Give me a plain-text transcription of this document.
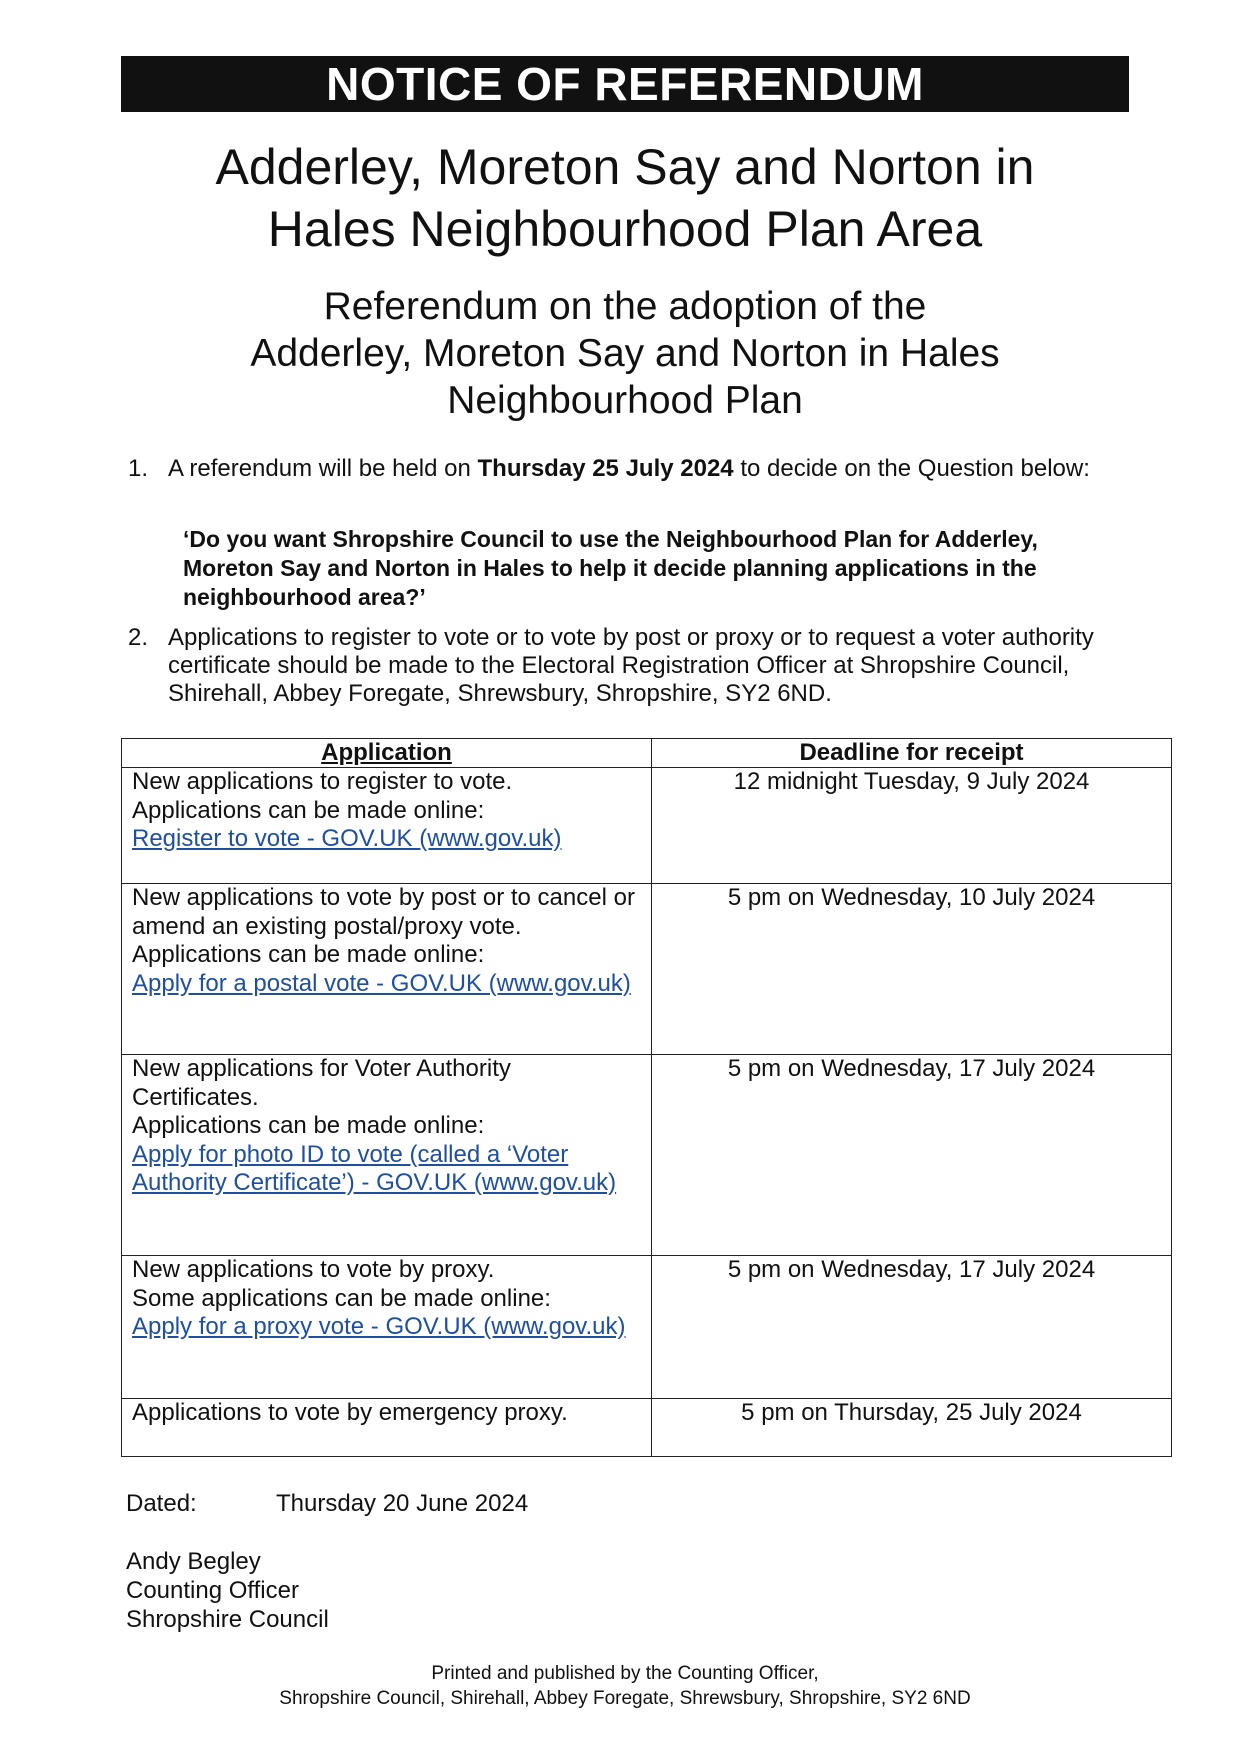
NOTICE OF REFERENDUM
Adderley, Moreton Say and Norton in
Hales Neighbourhood Plan Area
Referendum on the adoption of the
Adderley, Moreton Say and Norton in Hales
Neighbourhood Plan
1. A referendum will be held on Thursday 25 July 2024 to decide on the Question below:
‘Do you want Shropshire Council to use the Neighbourhood Plan for Adderley, Moreton Say and Norton in Hales to help it decide planning applications in the neighbourhood area?’
2. Applications to register to vote or to vote by post or proxy or to request a voter authority certificate should be made to the Electoral Registration Officer at Shropshire Council, Shirehall, Abbey Foregate, Shrewsbury, Shropshire, SY2 6ND.
Application	Deadline for receipt

New applications to register to vote.
Applications can be made online:
Register to vote - GOV.UK (www.gov.uk)	12 midnight Tuesday, 9 July 2024

New applications to vote by post or to cancel or amend an existing postal/proxy vote.
Applications can be made online:
Apply for a postal vote - GOV.UK (www.gov.uk)	5 pm on Wednesday, 10 July 2024

New applications for Voter Authority Certificates.
Applications can be made online:
Apply for photo ID to vote (called a ‘Voter Authority Certificate’) - GOV.UK (www.gov.uk)	5 pm on Wednesday, 17 July 2024

New applications to vote by proxy.
Some applications can be made online:
Apply for a proxy vote - GOV.UK (www.gov.uk)	5 pm on Wednesday, 17 July 2024

Applications to vote by emergency proxy.	5 pm on Thursday, 25 July 2024
Dated:	Thursday 20 June 2024
Andy Begley
Counting Officer
Shropshire Council
Printed and published by the Counting Officer,
Shropshire Council, Shirehall, Abbey Foregate, Shrewsbury, Shropshire, SY2 6ND
